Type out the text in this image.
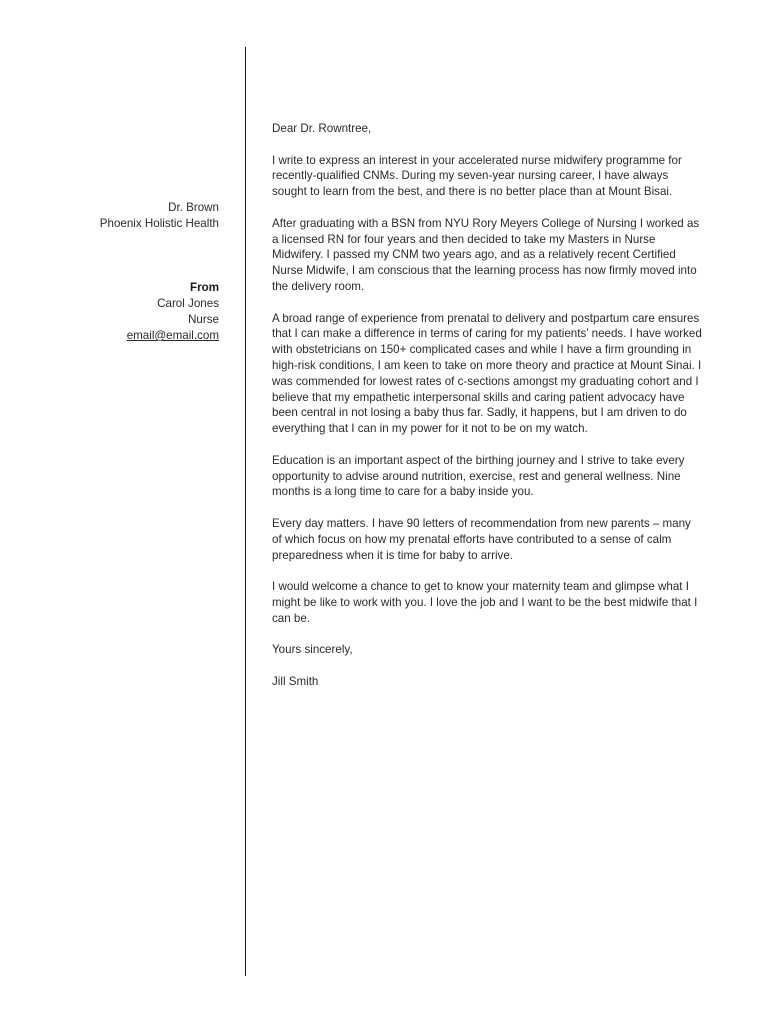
Dr. Brown
Phoenix Holistic Health
From
Carol Jones
Nurse
email@email.com

Dear Dr. Rowntree,

I write to express an interest in your accelerated nurse midwifery programme for recently-qualified CNMs. During my seven-year nursing career, I have always sought to learn from the best, and there is no better place than at Mount Bisai.

After graduating with a BSN from NYU Rory Meyers College of Nursing I worked as a licensed RN for four years and then decided to take my Masters in Nurse Midwifery. I passed my CNM two years ago, and as a relatively recent Certified Nurse Midwife, I am conscious that the learning process has now firmly moved into the delivery room.

A broad range of experience from prenatal to delivery and postpartum care ensures that I can make a difference in terms of caring for my patients’ needs. I have worked with obstetricians on 150+ complicated cases and while I have a firm grounding in high-risk conditions, I am keen to take on more theory and practice at Mount Sinai. I was commended for lowest rates of c-sections amongst my graduating cohort and I believe that my empathetic interpersonal skills and caring patient advocacy have been central in not losing a baby thus far. Sadly, it happens, but I am driven to do everything that I can in my power for it not to be on my watch.

Education is an important aspect of the birthing journey and I strive to take every opportunity to advise around nutrition, exercise, rest and general wellness. Nine months is a long time to care for a baby inside you.

Every day matters. I have 90 letters of recommendation from new parents – many of which focus on how my prenatal efforts have contributed to a sense of calm preparedness when it is time for baby to arrive.

I would welcome a chance to get to know your maternity team and glimpse what I might be like to work with you. I love the job and I want to be the best midwife that I can be.

Yours sincerely,

Jill Smith
